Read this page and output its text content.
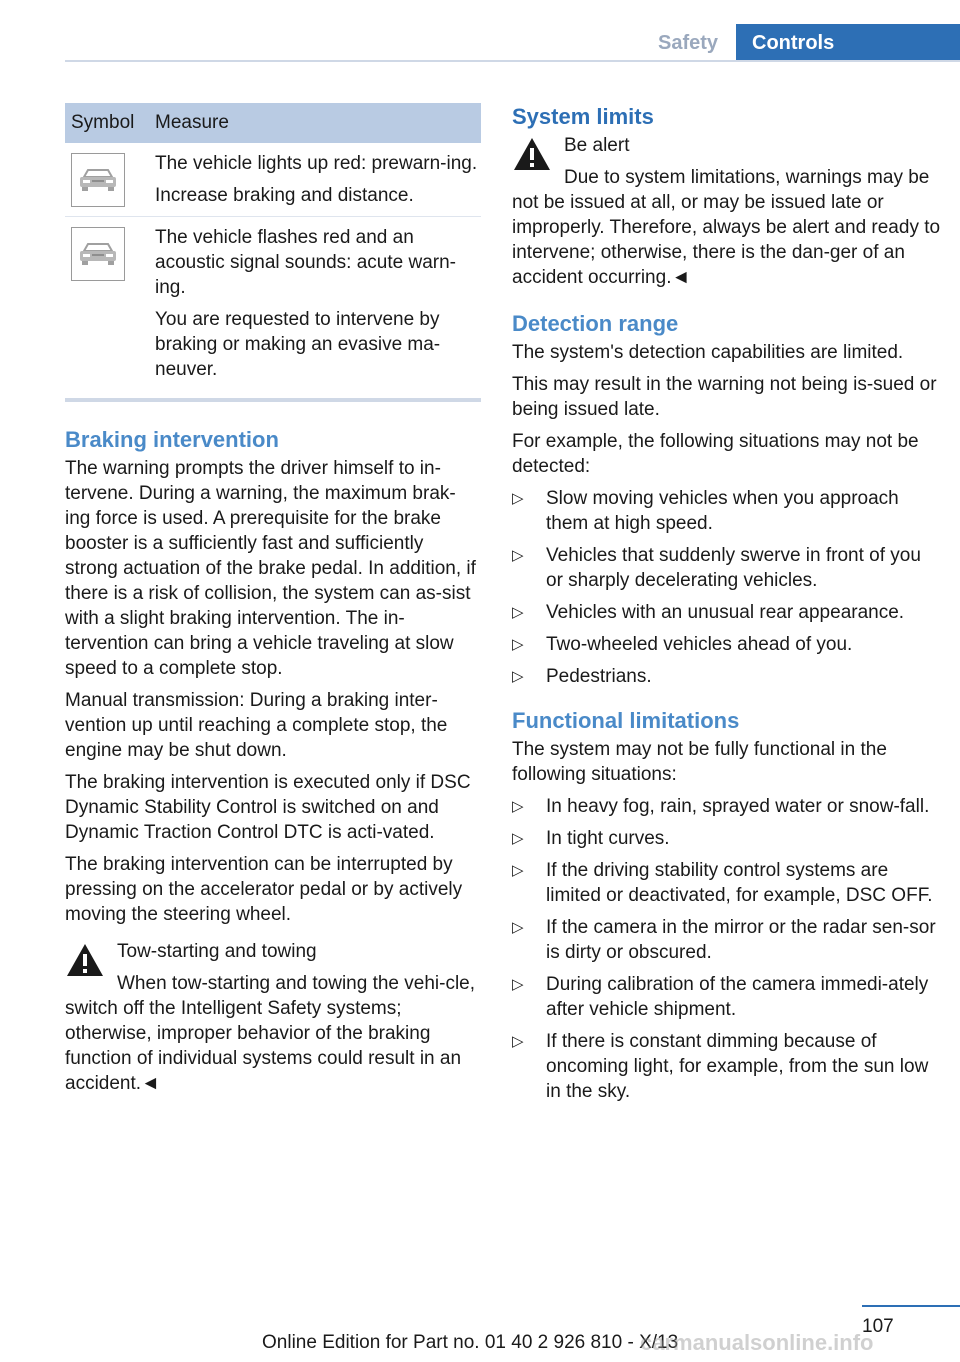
Safety	Controls
Symbol	Measure

The vehicle lights up red: prewarn-ing.

Increase braking and distance.

The vehicle flashes red and an acoustic signal sounds: acute warn-ing.

You are requested to intervene by braking or making an evasive ma-neuver.

Braking intervention

The warning prompts the driver himself to in-tervene. During a warning, the maximum brak-ing force is used. A prerequisite for the brake booster is a sufficiently fast and sufficiently strong actuation of the brake pedal. In addition, if there is a risk of collision, the system can as-sist with a slight braking intervention. The in-tervention can bring a vehicle traveling at slow speed to a complete stop.

Manual transmission: During a braking inter-vention up until reaching a complete stop, the engine may be shut down.

The braking intervention is executed only if DSC Dynamic Stability Control is switched on and Dynamic Traction Control DTC is acti-vated.

The braking intervention can be interrupted by pressing on the accelerator pedal or by actively moving the steering wheel.

Tow-starting and towing

When tow-starting and towing the vehi-cle, switch off the Intelligent Safety systems; otherwise, improper behavior of the braking function of individual systems could result in an accident.◄

System limits

Be alert

Due to system limitations, warnings may be not be issued at all, or may be issued late or improperly. Therefore, always be alert and ready to intervene; otherwise, there is the dan-ger of an accident occurring.◄

Detection range

The system's detection capabilities are limited.

This may result in the warning not being is-sued or being issued late.

For example, the following situations may not be detected:

▷ Slow moving vehicles when you approach them at high speed.
▷ Vehicles that suddenly swerve in front of you or sharply decelerating vehicles.
▷ Vehicles with an unusual rear appearance.
▷ Two-wheeled vehicles ahead of you.
▷ Pedestrians.
Functional limitations

The system may not be fully functional in the following situations:

▷ In heavy fog, rain, sprayed water or snow-fall.
▷ In tight curves.
▷ If the driving stability control systems are limited or deactivated, for example, DSC OFF.
▷ If the camera in the mirror or the radar sen-sor is dirty or obscured.
▷ During calibration of the camera immedi-ately after vehicle shipment.
▷ If there is constant dimming because of oncoming light, for example, from the sun low in the sky.
107
Online Edition for Part no. 01 40 2 926 810 - X/13
carmanualsonline.info
